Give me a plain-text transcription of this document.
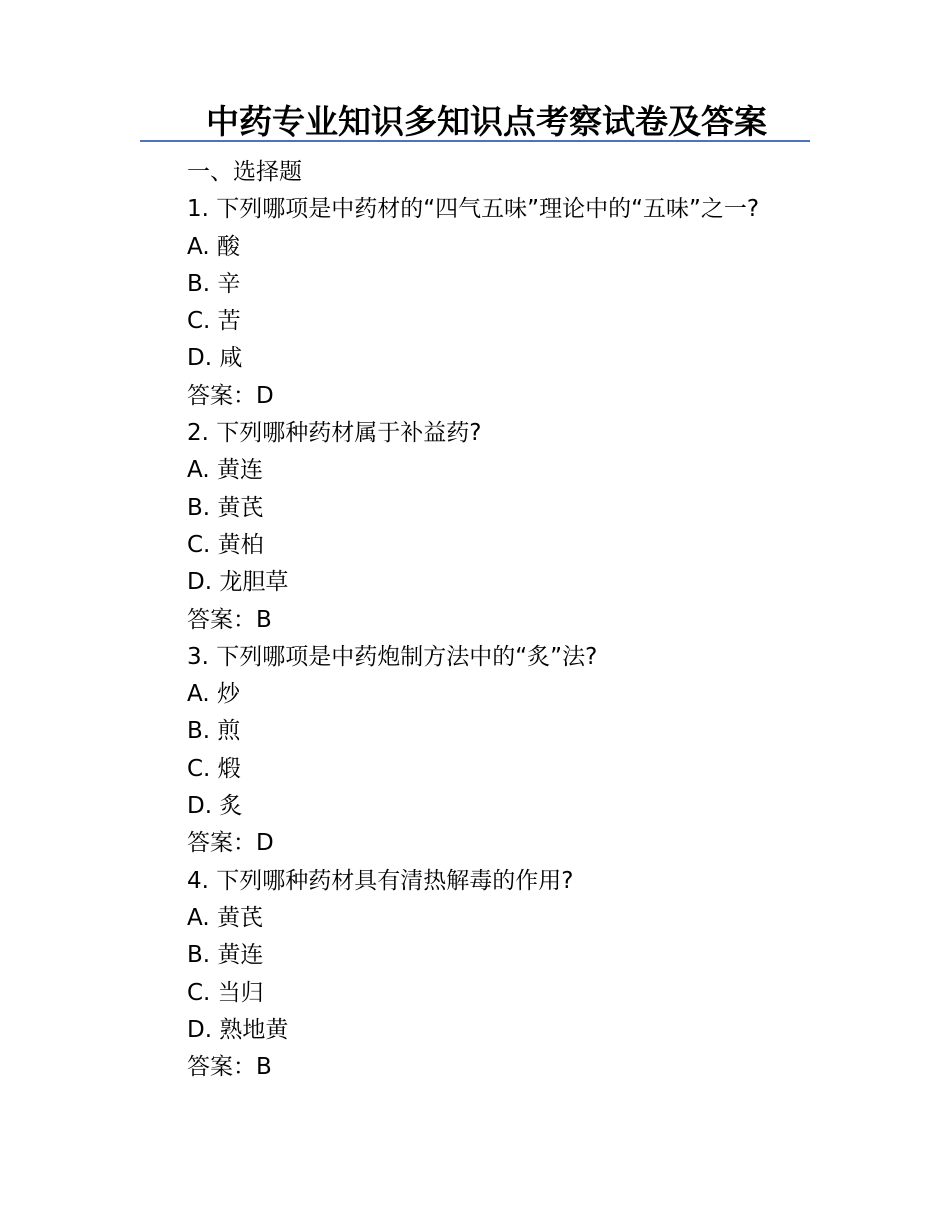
中药专业知识多知识点考察试卷及答案
一、选择题
1. 下列哪项是中药材的“四气五味”理论中的“五味”之一?
A. 酸
B. 辛
C. 苦
D. 咸
答案：D
2. 下列哪种药材属于补益药?
A. 黄连
B. 黄芪
C. 黄柏
D. 龙胆草
答案：B
3. 下列哪项是中药炮制方法中的“炙”法?
A. 炒
B. 煎
C. 煅
D. 炙
答案：D
4. 下列哪种药材具有清热解毒的作用?
A. 黄芪
B. 黄连
C. 当归
D. 熟地黄
答案：B
